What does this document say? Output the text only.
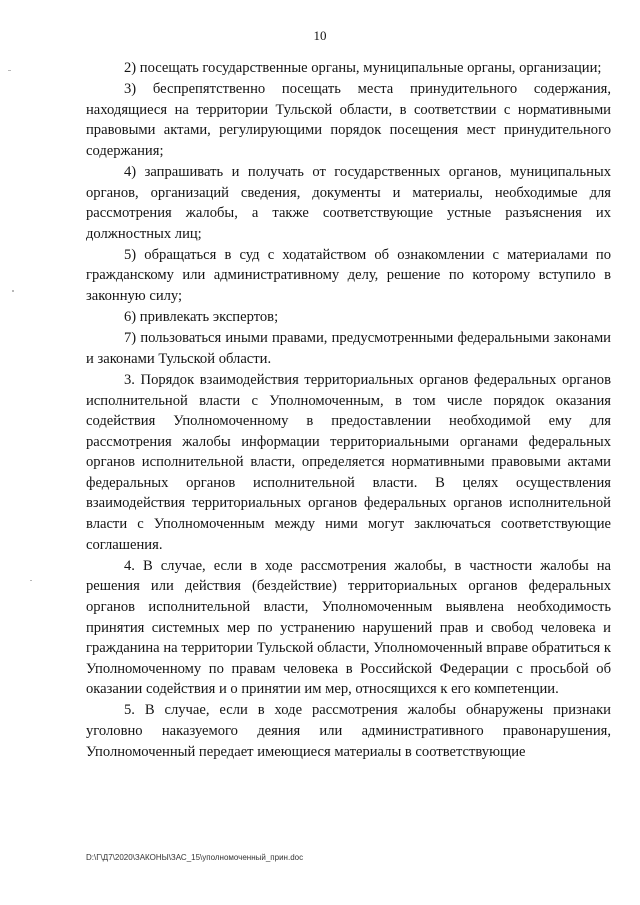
10

2) посещать государственные органы, муниципальные органы, организации;

3) беспрепятственно посещать места принудительного содержания, находящиеся на территории Тульской области, в соответствии с нормативными правовыми актами, регулирующими порядок посещения мест принудительного содержания;

4) запрашивать и получать от государственных органов, муниципальных органов, организаций сведения, документы и материалы, необходимые для рассмотрения жалобы, а также соответствующие устные разъяснения их должностных лиц;

5) обращаться в суд с ходатайством об ознакомлении с материалами по гражданскому или административному делу, решение по которому вступило в законную силу;

6) привлекать экспертов;

7) пользоваться иными правами, предусмотренными федеральными законами и законами Тульской области.

3. Порядок взаимодействия территориальных органов федеральных органов исполнительной власти с Уполномоченным, в том числе порядок оказания содействия Уполномоченному в предоставлении необходимой ему для рассмотрения жалобы информации территориальными органами федеральных органов исполнительной власти, определяется нормативными правовыми актами федеральных органов исполнительной власти. В целях осуществления взаимодействия территориальных органов федеральных органов исполнительной власти с Уполномоченным между ними могут заключаться соответствующие соглашения.

4. В случае, если в ходе рассмотрения жалобы, в частности жалобы на решения или действия (бездействие) территориальных органов федеральных органов исполнительной власти, Уполномоченным выявлена необходимость принятия системных мер по устранению нарушений прав и свобод человека и гражданина на территории Тульской области, Уполномоченный вправе обратиться к Уполномоченному по правам человека в Российской Федерации с просьбой об оказании содействия и о принятии им мер, относящихся к его компетенции.

5. В случае, если в ходе рассмотрения жалобы обнаружены признаки уголовно наказуемого деяния или административного правонарушения, Уполномоченный передает имеющиеся материалы в соответствующие

D:\Г\Д7\2020\ЗАКОНЫ\ЗАС_15\уполномоченный_прин.doc
